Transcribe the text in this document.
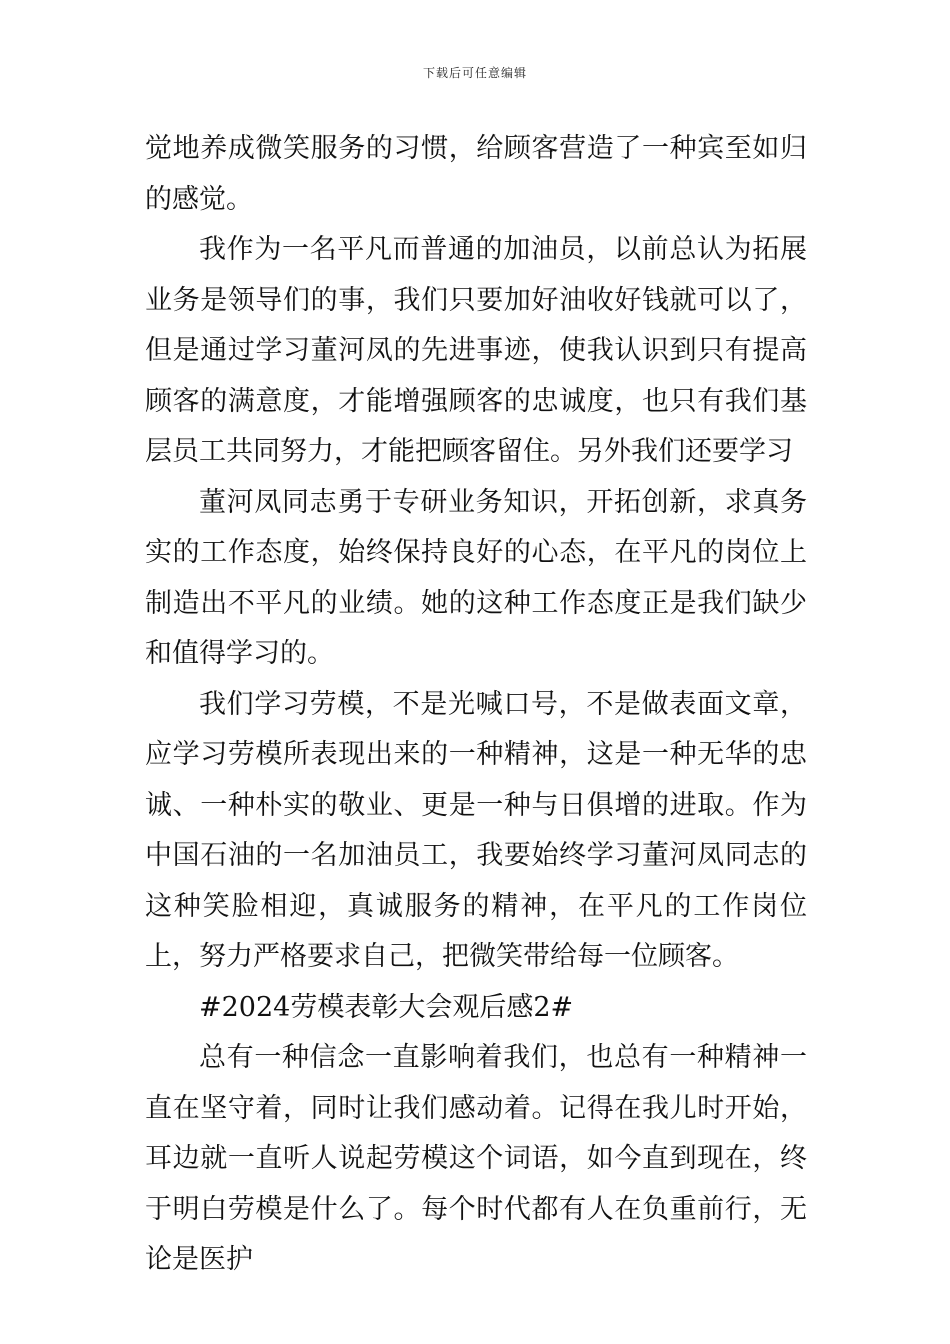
下载后可任意编辑

觉地养成微笑服务的习惯，给顾客营造了一种宾至如归的感觉。

我作为一名平凡而普通的加油员，以前总认为拓展业务是领导们的事，我们只要加好油收好钱就可以了，但是通过学习董河凤的先进事迹，使我认识到只有提高顾客的满意度，才能增强顾客的忠诚度，也只有我们基层员工共同努力，才能把顾客留住。另外我们还要学习

董河凤同志勇于专研业务知识，开拓创新，求真务实的工作态度，始终保持良好的心态，在平凡的岗位上制造出不平凡的业绩。她的这种工作态度正是我们缺少和值得学习的。

我们学习劳模，不是光喊口号，不是做表面文章，应学习劳模所表现出来的一种精神，这是一种无华的忠诚、一种朴实的敬业、更是一种与日俱增的进取。作为中国石油的一名加油员工，我要始终学习董河凤同志的这种笑脸相迎，真诚服务的精神，在平凡的工作岗位上，努力严格要求自己，把微笑带给每一位顾客。

#2024劳模表彰大会观后感2#

总有一种信念一直影响着我们，也总有一种精神一直在坚守着，同时让我们感动着。记得在我儿时开始，耳边就一直听人说起劳模这个词语，如今直到现在，终于明白劳模是什么了。每个时代都有人在负重前行，无论是医护
